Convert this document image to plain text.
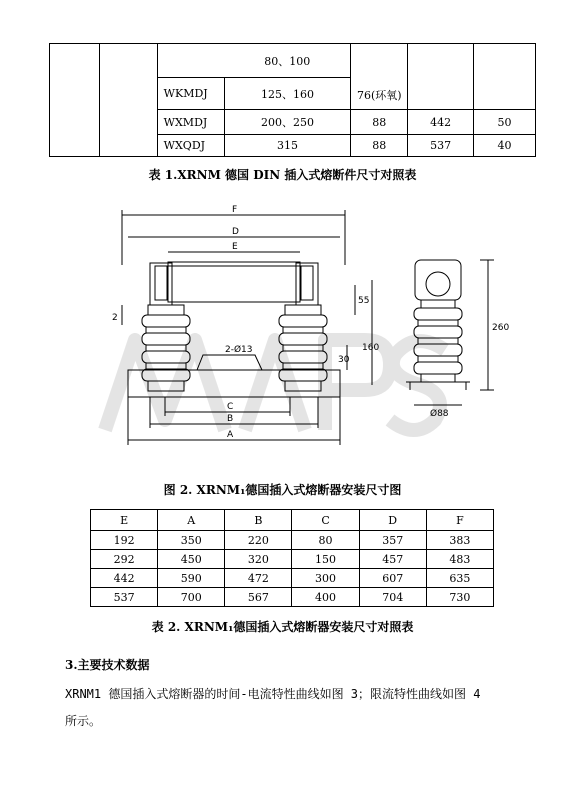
			80、100	76(环氧)		
		WKMDJ	125、160			
		WXMDJ	200、250	88	442	50
		WXQDJ	315	88	537	40
表 1.XRNM 德国 DIN 插入式熔断件尺寸对照表
F
D
E
2-Ø13
C
B
A
2
55
30
160
260
Ø88
图 2. XRNM₁德国插入式熔断器安装尺寸图
E	A	B	C	D	F
192	350	220	80	357	383
292	450	320	150	457	483
442	590	472	300	607	635
537	700	567	400	704	730
表 2. XRNM₁德国插入式熔断器安装尺寸对照表
3.主要技术数据
XRNM1 德国插入式熔断器的时间-电流特性曲线如图 3；限流特性曲线如图 4
所示。
